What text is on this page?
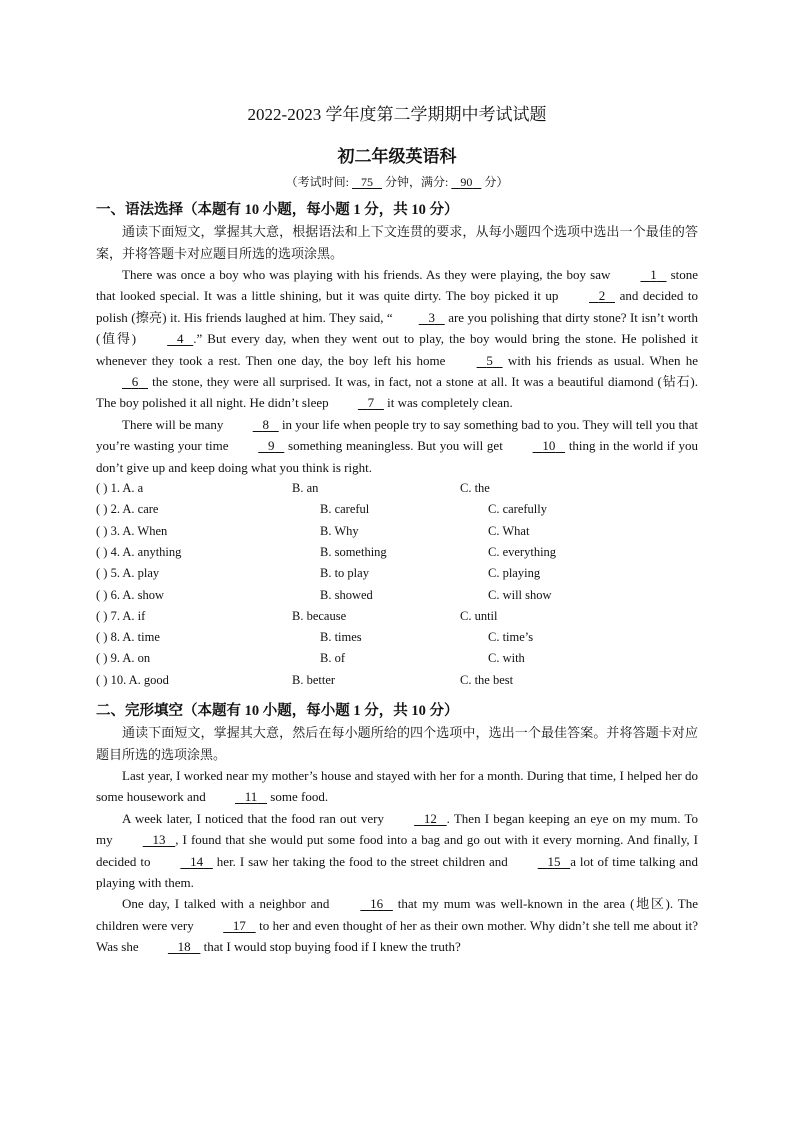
2022-2023 学年度第二学期期中考试试题
初二年级英语科
（考试时间: 75 分钟，满分: 90 分）
一、语法选择（本题有 10 小题，每小题 1 分，共 10 分）
通读下面短文，掌握其大意，根据语法和上下文连贯的要求，从每小题四个选项中选出一个最佳的答案，并将答题卡对应题目所选的选项涂黑。
There was once a boy who was playing with his friends. As they were playing, the boy saw	1 stone that looked special. It was a little shining, but it was quite dirty. The boy picked it up	2 and decided to polish (擦亮) it. His friends laughed at him. They said, “	3 are you polishing that dirty stone? It isn’t worth (值得)	4 .” But every day, when they went out to play, the boy would bring the stone. He polished it whenever they took a rest. Then one day, the boy left his home	5 with his friends as usual. When he 6 the stone, they were all surprised. It was, in fact, not a stone at all. It was a beautiful diamond (钻石). The boy polished it all night. He didn’t sleep	7 it was completely clean.
There will be many	8 in your life when people try to say something bad to you. They will tell you that you’re wasting your time	9 something meaningless. But you will get	10 thing in the world if you don’t give up and keep doing what you think is right.
( ) 1. A. a	B. an	C. the
( ) 2. A. care	B. careful	C. carefully
( ) 3. A. When	B. Why	C. What
( ) 4. A. anything	B. something	C. everything
( ) 5. A. play	B. to play	C. playing
( ) 6. A. show	B. showed	C. will show
( ) 7. A. if	B. because	C. until
( ) 8. A. time	B. times	C. time’s
( ) 9. A. on	B. of	C. with
( ) 10. A. good	B. better	C. the best
二、完形填空（本题有 10 小题，每小题 1 分，共 10 分）
通读下面短文，掌握其大意，然后在每小题所给的四个选项中，选出一个最佳答案。并将答题卡对应题目所选的选项涂黑。
Last year, I worked near my mother’s house and stayed with her for a month. During that time, I helped her do some housework and	11 some food.
A week later, I noticed that the food ran out very	12 . Then I began keeping an eye on my mum. To my	13 , I found that she would put some food into a bag and go out with it every morning. And finally, I decided to	14 her. I saw her taking the food to the street children and	15 a lot of time talking and playing with them.
One day, I talked with a neighbor and	16 that my mum was well-known in the area (地区). The children were very	17 to her and even thought of her as their own mother. Why didn’t she tell me about it? Was she	18 that I would stop buying food if I knew the truth?
